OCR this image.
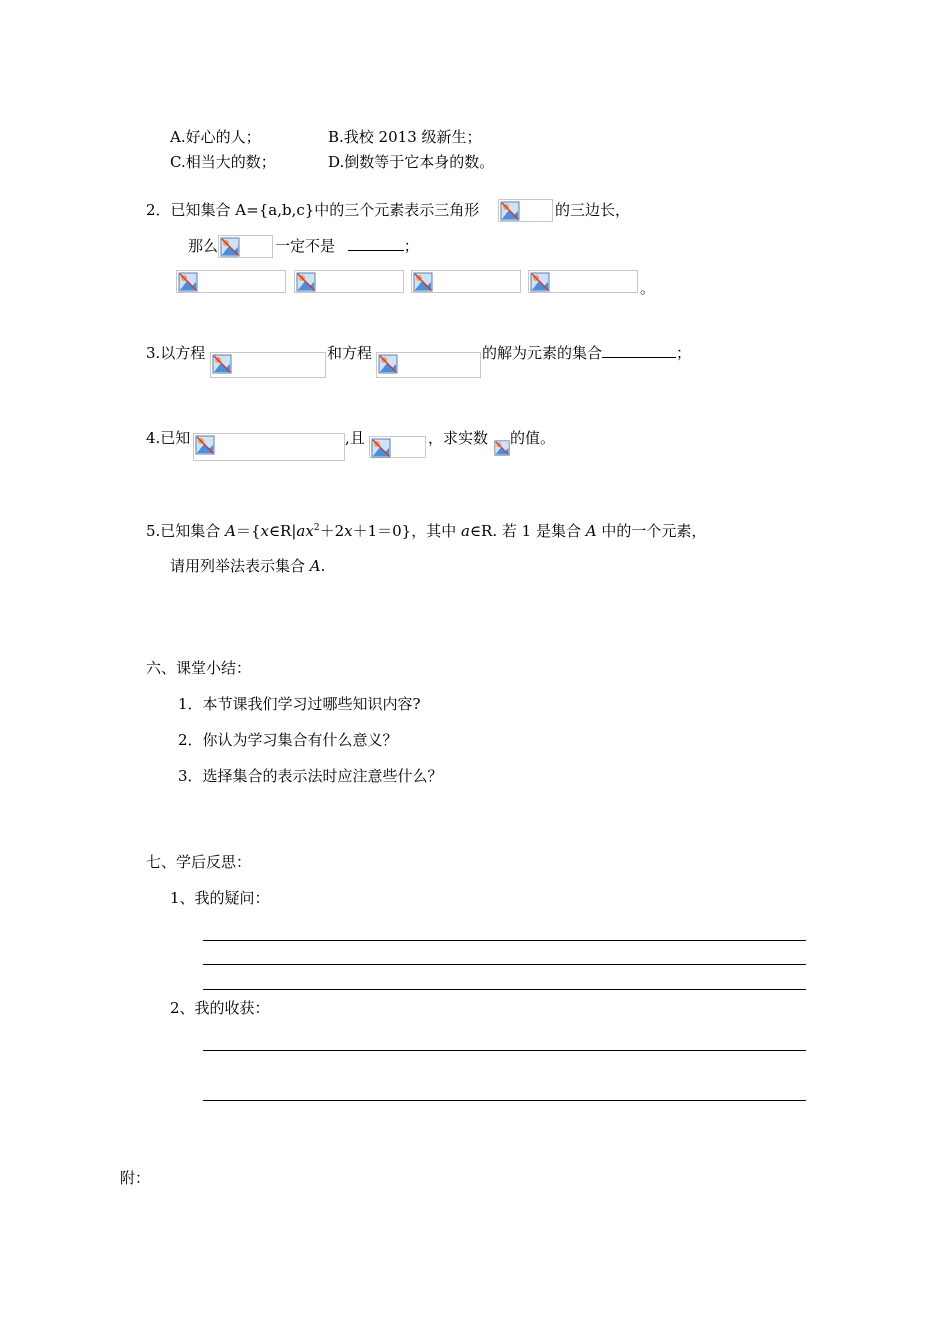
A.好心的人；	B.我校 2013 级新生；
C.相当大的数；	D.倒数等于它本身的数。
2．已知集合 A={a,b,c}中的三个元素表示三角形	的三边长，
那么	一定不是	；
。
3.以方程	和方程	的解为元素的集合	；
4.已知	,且	，求实数 的值。
5.已知集合 $A=\{x\in R|ax^2+2x+1=0\}$，其中 a∈R. 若 1 是集合 A 中的一个元素，
请用列举法表示集合 A.
六、课堂小结：
1．本节课我们学习过哪些知识内容?
2．你认为学习集合有什么意义？
3．选择集合的表示法时应注意些什么？
七、学后反思：
1、我的疑问：
2、我的收获：
附：
